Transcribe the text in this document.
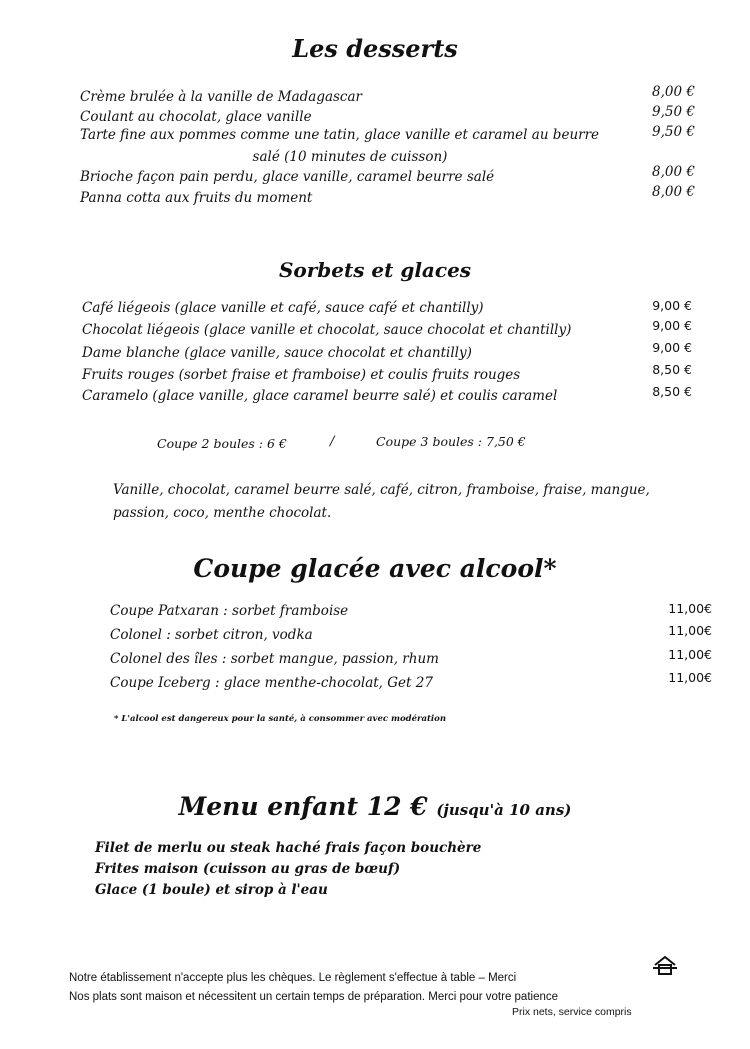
Les desserts
Crème brulée à la vanille de Madagascar	8,00 €
Coulant au chocolat, glace vanille	9,50 €
Tarte fine aux pommes comme une tatin, glace vanille et caramel au beurre	9,50 €
salé (10 minutes de cuisson)
Brioche façon pain perdu, glace vanille, caramel beurre salé	8,00 €
Panna cotta aux fruits du moment	8,00 €
Sorbets et glaces
Café liégeois (glace vanille et café, sauce café et chantilly)	9,00 €
Chocolat liégeois (glace vanille et chocolat, sauce chocolat et chantilly)	9,00 €
Dame blanche (glace vanille, sauce chocolat et chantilly)	9,00 €
Fruits rouges (sorbet fraise et framboise) et coulis fruits rouges	8,50 €
Caramelo (glace vanille, glace caramel beurre salé) et coulis caramel	8,50 €
Coupe 2 boules : 6 €	/	Coupe 3 boules : 7,50 €
Vanille, chocolat, caramel beurre salé, café, citron, framboise, fraise, mangue,
passion, coco, menthe chocolat.
Coupe glacée avec alcool*
Coupe Patxaran : sorbet framboise	11,00€
Colonel : sorbet citron, vodka	11,00€
Colonel des îles : sorbet mangue, passion, rhum	11,00€
Coupe Iceberg : glace menthe-chocolat, Get 27	11,00€
* L'alcool est dangereux pour la santé, à consommer avec modération
Menu enfant 12 € (jusqu'à 10 ans)
Filet de merlu ou steak haché frais façon bouchère
Frites maison (cuisson au gras de bœuf)
Glace (1 boule) et sirop à l'eau
Notre établissement n'accepte plus les chèques. Le règlement s'effectue à table – Merci
Nos plats sont maison et nécessitent un certain temps de préparation. Merci pour votre patience
Prix nets, service compris
